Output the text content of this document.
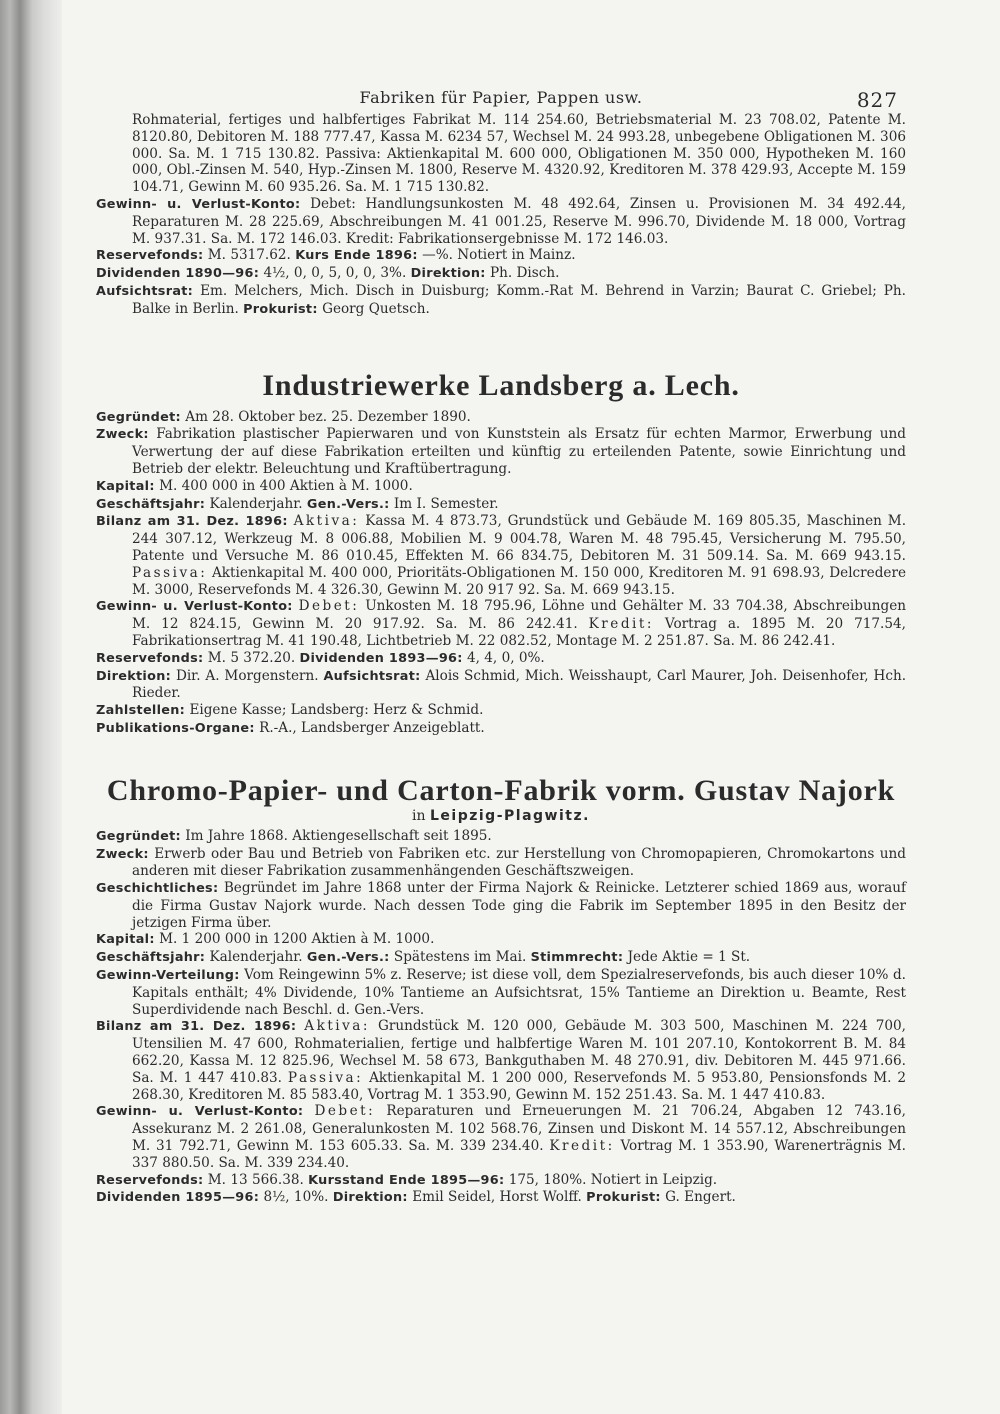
Fabriken für Papier, Pappen usw.	827

Rohmaterial, fertiges und halbfertiges Fabrikat M. 114 254.60, Betriebsmaterial M. 23 708.02, Patente M. 8120.80, Debitoren M. 188 777.47, Kassa M. 6234 57, Wechsel M. 24 993.28, unbegebene Obligationen M. 306 000. Sa. M. 1 715 130.82. Passiva: Aktienkapital M. 600 000, Obligationen M. 350 000, Hypotheken M. 160 000, Obl.-Zinsen M. 540, Hyp.-Zinsen M. 1800, Reserve M. 4320.92, Kreditoren M. 378 429.93, Accepte M. 159 104.71, Gewinn M. 60 935.26. Sa. M. 1 715 130.82.

Gewinn- u. Verlust-Konto: Debet: Handlungsunkosten M. 48 492.64, Zinsen u. Provisionen M. 34 492.44, Reparaturen M. 28 225.69, Abschreibungen M. 41 001.25, Reserve M. 996.70, Dividende M. 18 000, Vortrag M. 937.31. Sa. M. 172 146.03. Kredit: Fabrikationsergebnisse M. 172 146.03.

Reservefonds: M. 5317.62. Kurs Ende 1896: —%. Notiert in Mainz.

Dividenden 1890—96: 4½, 0, 0, 5, 0, 0, 3%. Direktion: Ph. Disch.

Aufsichtsrat: Em. Melchers, Mich. Disch in Duisburg; Komm.-Rat M. Behrend in Varzin; Baurat C. Griebel; Ph. Balke in Berlin. Prokurist: Georg Quetsch.

Industriewerke Landsberg a. Lech.

Gegründet: Am 28. Oktober bez. 25. Dezember 1890.

Zweck: Fabrikation plastischer Papierwaren und von Kunststein als Ersatz für echten Marmor, Erwerbung und Verwertung der auf diese Fabrikation erteilten und künftig zu erteilenden Patente, sowie Einrichtung und Betrieb der elektr. Beleuchtung und Kraftübertragung.

Kapital: M. 400 000 in 400 Aktien à M. 1000.

Geschäftsjahr: Kalenderjahr. Gen.-Vers.: Im I. Semester.

Bilanz am 31. Dez. 1896: Aktiva: Kassa M. 4 873.73, Grundstück und Gebäude M. 169 805.35, Maschinen M. 244 307.12, Werkzeug M. 8 006.88, Mobilien M. 9 004.78, Waren M. 48 795.45, Versicherung M. 795.50, Patente und Versuche M. 86 010.45, Effekten M. 66 834.75, Debitoren M. 31 509.14. Sa. M. 669 943.15. Passiva: Aktienkapital M. 400 000, Prioritäts-Obligationen M. 150 000, Kreditoren M. 91 698.93, Delcredere M. 3000, Reservefonds M. 4 326.30, Gewinn M. 20 917 92. Sa. M. 669 943.15.

Gewinn- u. Verlust-Konto: Debet: Unkosten M. 18 795.96, Löhne und Gehälter M. 33 704.38, Abschreibungen M. 12 824.15, Gewinn M. 20 917.92. Sa. M. 86 242.41. Kredit: Vortrag a. 1895 M. 20 717.54, Fabrikationsertrag M. 41 190.48, Lichtbetrieb M. 22 082.52, Montage M. 2 251.87. Sa. M. 86 242.41.

Reservefonds: M. 5 372.20. Dividenden 1893—96: 4, 4, 0, 0%.

Direktion: Dir. A. Morgenstern. Aufsichtsrat: Alois Schmid, Mich. Weisshaupt, Carl Maurer, Joh. Deisenhofer, Hch. Rieder.

Zahlstellen: Eigene Kasse; Landsberg: Herz & Schmid.

Publikations-Organe: R.-A., Landsberger Anzeigeblatt.

Chromo-Papier- und Carton-Fabrik vorm. Gustav Najork

in Leipzig-Plagwitz.

Gegründet: Im Jahre 1868. Aktiengesellschaft seit 1895.

Zweck: Erwerb oder Bau und Betrieb von Fabriken etc. zur Herstellung von Chromopapieren, Chromokartons und anderen mit dieser Fabrikation zusammenhängenden Geschäftszweigen.

Geschichtliches: Begründet im Jahre 1868 unter der Firma Najork & Reinicke. Letzterer schied 1869 aus, worauf die Firma Gustav Najork wurde. Nach dessen Tode ging die Fabrik im September 1895 in den Besitz der jetzigen Firma über.

Kapital: M. 1 200 000 in 1200 Aktien à M. 1000.

Geschäftsjahr: Kalenderjahr. Gen.-Vers.: Spätestens im Mai. Stimmrecht: Jede Aktie = 1 St.

Gewinn-Verteilung: Vom Reingewinn 5% z. Reserve; ist diese voll, dem Spezialreservefonds, bis auch dieser 10% d. Kapitals enthält; 4% Dividende, 10% Tantieme an Aufsichtsrat, 15% Tantieme an Direktion u. Beamte, Rest Superdividende nach Beschl. d. Gen.-Vers.

Bilanz am 31. Dez. 1896: Aktiva: Grundstück M. 120 000, Gebäude M. 303 500, Maschinen M. 224 700, Utensilien M. 47 600, Rohmaterialien, fertige und halbfertige Waren M. 101 207.10, Kontokorrent B. M. 84 662.20, Kassa M. 12 825.96, Wechsel M. 58 673, Bankguthaben M. 48 270.91, div. Debitoren M. 445 971.66. Sa. M. 1 447 410.83. Passiva: Aktienkapital M. 1 200 000, Reservefonds M. 5 953.80, Pensionsfonds M. 2 268.30, Kreditoren M. 85 583.40, Vortrag M. 1 353.90, Gewinn M. 152 251.43. Sa. M. 1 447 410.83.

Gewinn- u. Verlust-Konto: Debet: Reparaturen und Erneuerungen M. 21 706.24, Abgaben 12 743.16, Assekuranz M. 2 261.08, Generalunkosten M. 102 568.76, Zinsen und Diskont M. 14 557.12, Abschreibungen M. 31 792.71, Gewinn M. 153 605.33. Sa. M. 339 234.40. Kredit: Vortrag M. 1 353.90, Warenerträgnis M. 337 880.50. Sa. M. 339 234.40.

Reservefonds: M. 13 566.38. Kursstand Ende 1895—96: 175, 180%. Notiert in Leipzig.

Dividenden 1895—96: 8½, 10%. Direktion: Emil Seidel, Horst Wolff. Prokurist: G. Engert.
